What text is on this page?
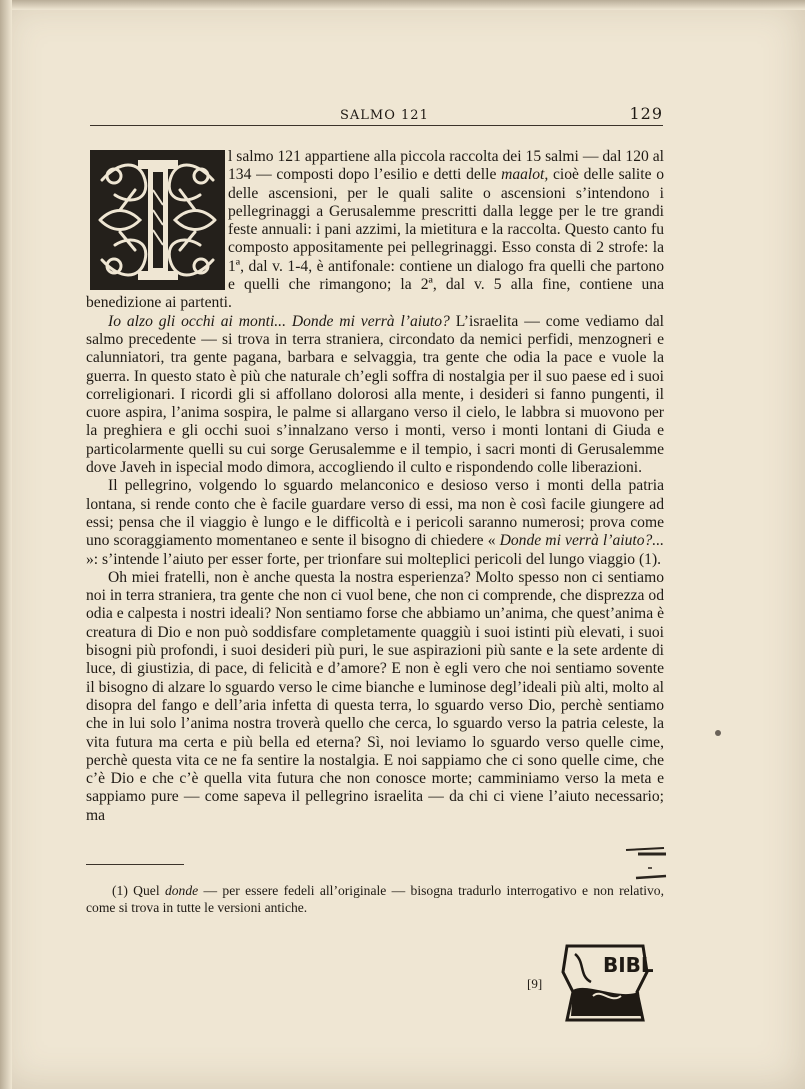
SALMO 121	129

l salmo 121 appartiene alla piccola raccolta dei 15 salmi — dal 120 al 134 — composti dopo l’esilio e detti delle maalot, cioè delle salite o delle ascensioni, per le quali salite o ascensioni s’intendono i pellegrinaggi a Gerusalemme prescritti dalla legge per le tre grandi feste annuali: i pani azzimi, la mietitura e la raccolta. Questo canto fu composto appositamente pei pellegrinaggi. Esso consta di 2 strofe: la 1ª, dal v. 1-4, è antifonale: contiene un dialogo fra quelli che partono e quelli che rimangono; la 2ª, dal v. 5 alla fine, contiene una benedizione ai partenti.

Io alzo gli occhi ai monti... Donde mi verrà l’aiuto? L’israelita — come vediamo dal salmo precedente — si trova in terra straniera, circondato da nemici perfidi, menzogneri e calunniatori, tra gente pagana, barbara e selvaggia, tra gente che odia la pace e vuole la guerra. In questo stato è più che naturale ch’egli soffra di nostalgia per il suo paese ed i suoi correligionari. I ricordi gli si affollano dolorosi alla mente, i desideri si fanno pungenti, il cuore aspira, l’anima sospira, le palme si allargano verso il cielo, le labbra si muovono per la preghiera e gli occhi suoi s’innalzano verso i monti, verso i monti lontani di Giuda e particolarmente quelli su cui sorge Gerusalemme e il tempio, i sacri monti di Gerusalemme dove Javeh in ispecial modo dimora, accogliendo il culto e rispondendo colle liberazioni.

Il pellegrino, volgendo lo sguardo melanconico e desioso verso i monti della patria lontana, si rende conto che è facile guardare verso di essi, ma non è così facile giungere ad essi; pensa che il viaggio è lungo e le difficoltà e i pericoli saranno numerosi; prova come uno scoraggiamento momentaneo e sente il bisogno di chiedere « Donde mi verrà l’aiuto?... »: s’intende l’aiuto per esser forte, per trionfare sui molteplici pericoli del lungo viaggio (1).

Oh miei fratelli, non è anche questa la nostra esperienza? Molto spesso non ci sentiamo noi in terra straniera, tra gente che non ci vuol bene, che non ci comprende, che disprezza od odia e calpesta i nostri ideali? Non sentiamo forse che abbiamo un’anima, che quest’anima è creatura di Dio e non può soddisfare completamente quaggiù i suoi istinti più elevati, i suoi bisogni più profondi, i suoi desideri più puri, le sue aspirazioni più sante e la sete ardente di luce, di giustizia, di pace, di felicità e d’amore? E non è egli vero che noi sentiamo sovente il bisogno di alzare lo sguardo verso le cime bianche e luminose degl’ideali più alti, molto al disopra del fango e dell’aria infetta di questa terra, lo sguardo verso Dio, perchè sentiamo che in lui solo l’anima nostra troverà quello che cerca, lo sguardo verso la patria celeste, la vita futura ma certa e più bella ed eterna? Sì, noi leviamo lo sguardo verso quelle cime, perchè questa vita ce ne fa sentire la nostalgia. E noi sappiamo che ci sono quelle cime, che c’è Dio e che c’è quella vita futura che non conosce morte; camminiamo verso la meta e sappiamo pure — come sapeva il pellegrino israelita — da chi ci viene l’aiuto necessario; ma

(1) Quel donde — per essere fedeli all’originale — bisogna tradurlo interrogativo e non relativo, come si trova in tutte le versioni antiche.
[9]
BIBL
